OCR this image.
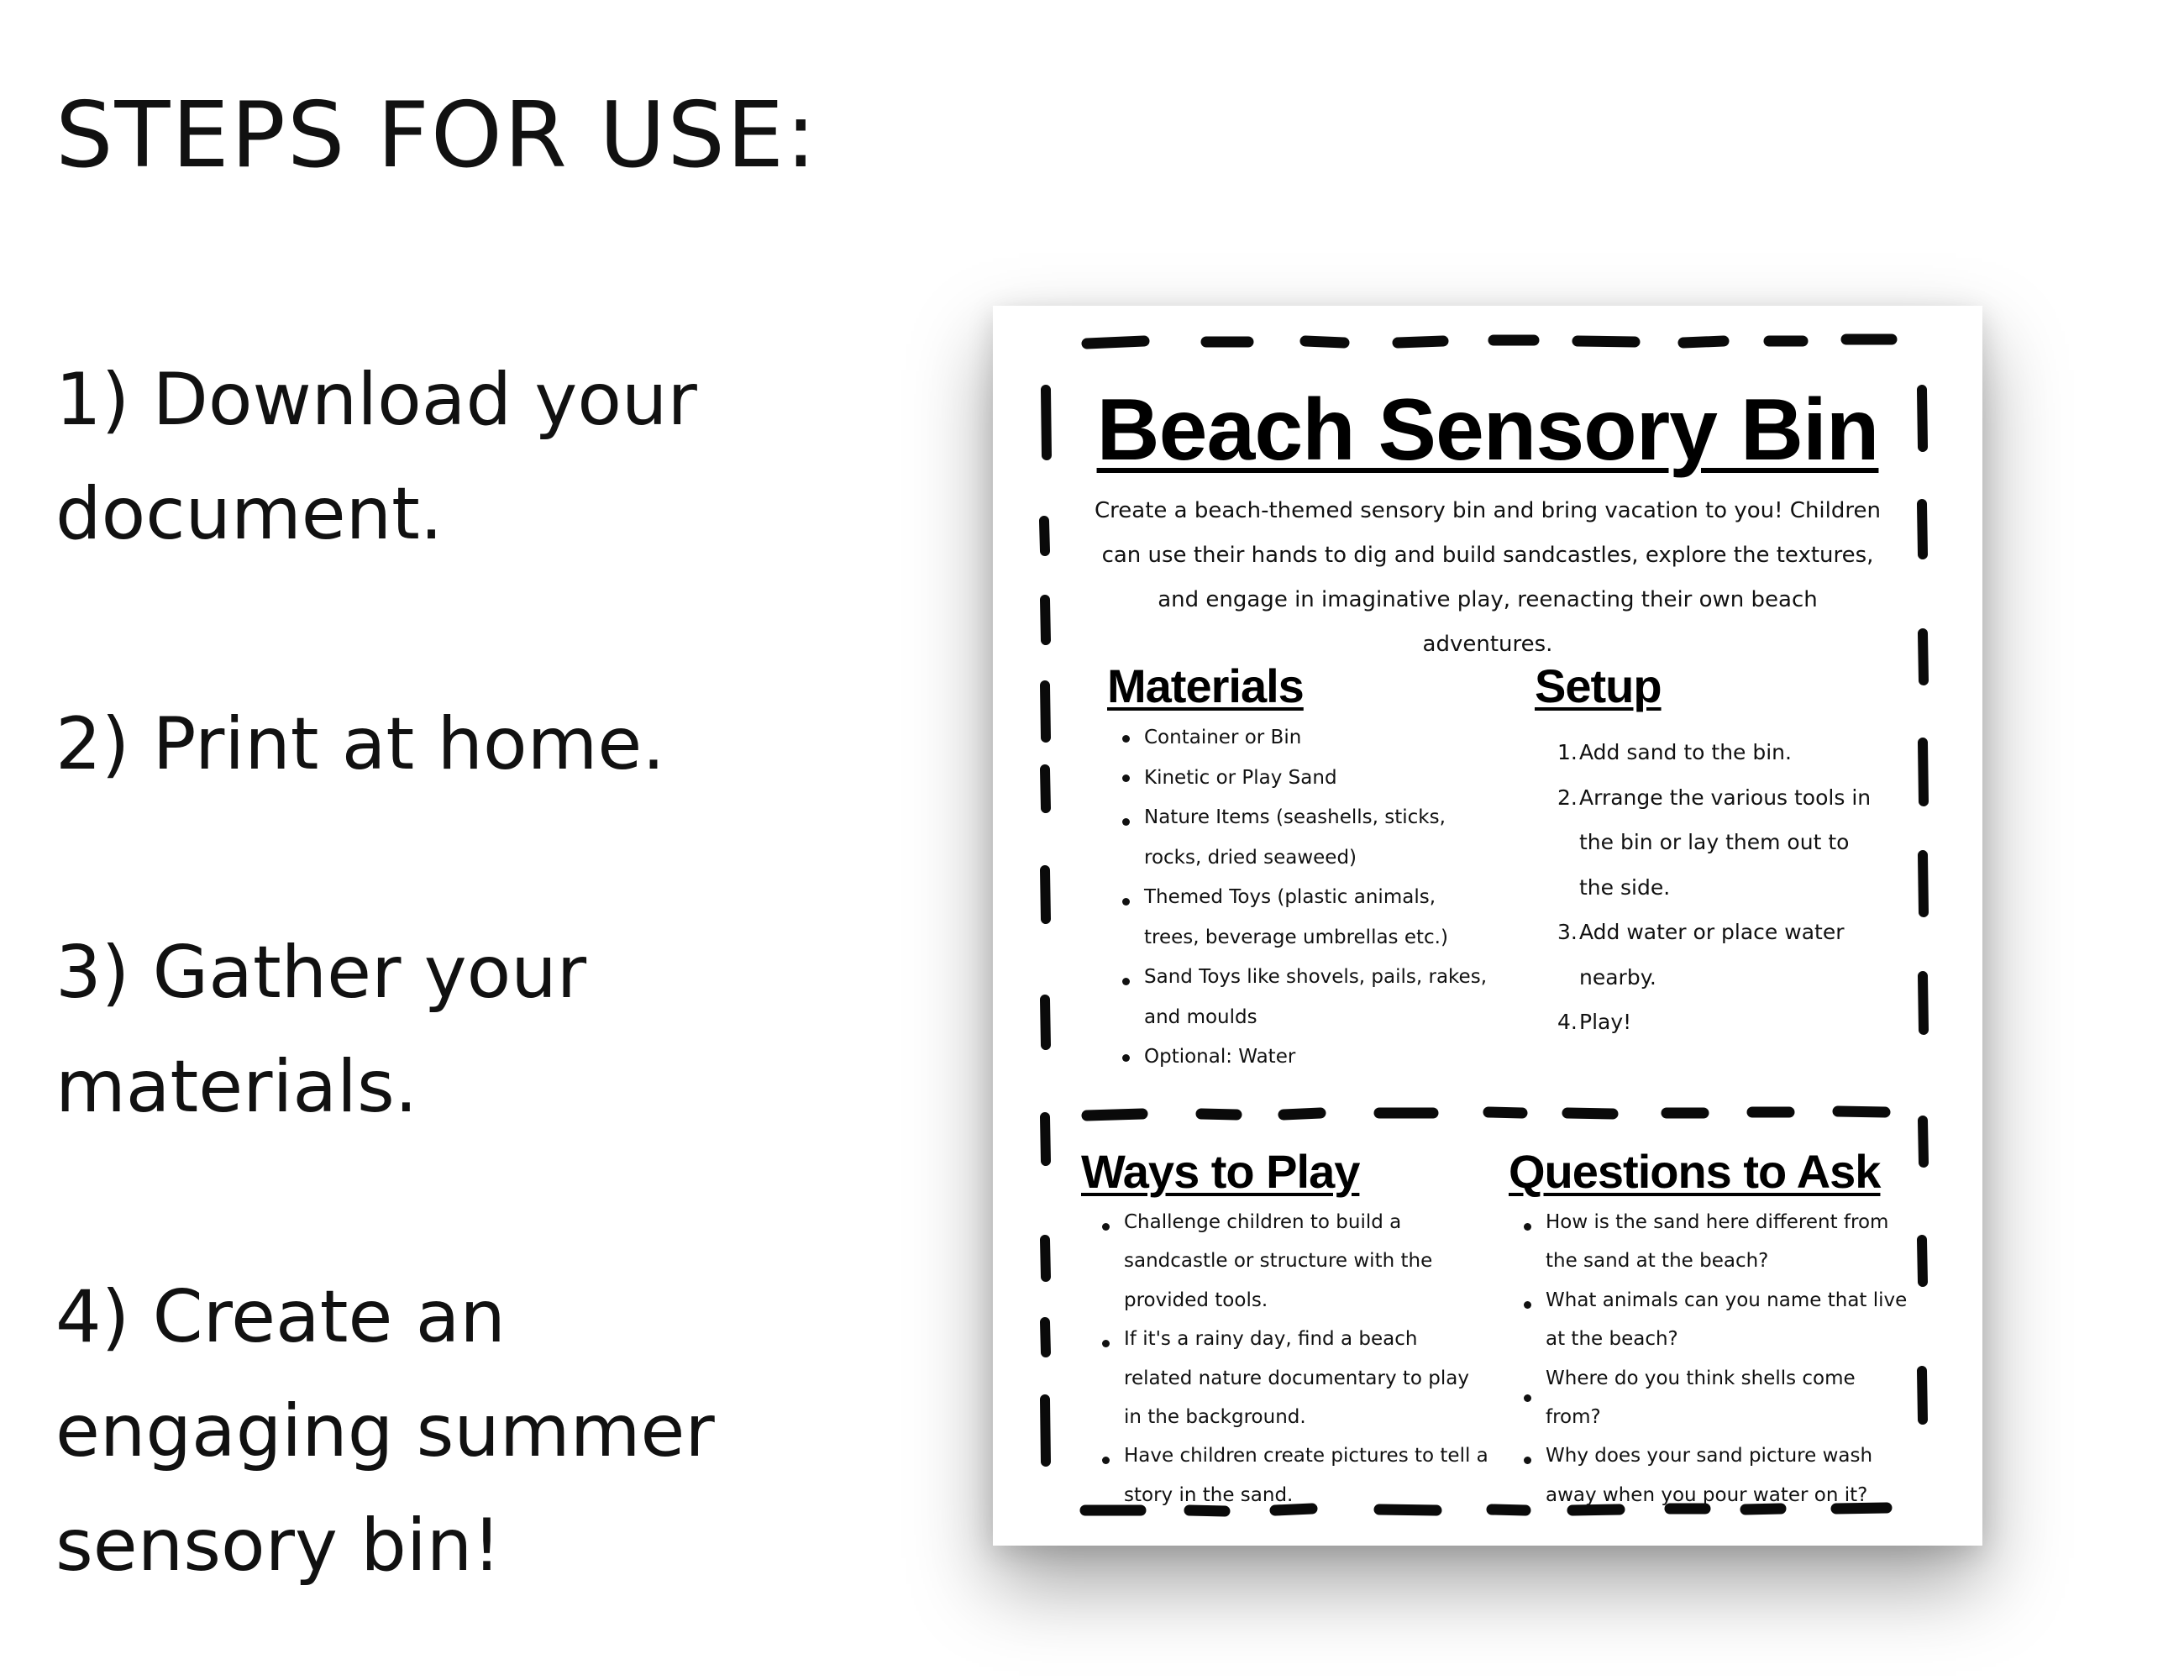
STEPS FOR USE:

1) Download your document.

2) Print at home.

3) Gather your materials.

4) Create an engaging summer sensory bin!

Beach Sensory Bin

Create a beach-themed sensory bin and bring vacation to you! Children can use their hands to dig and build sandcastles, explore the textures, and engage in imaginative play, reenacting their own beach adventures.

Materials
Container or Bin
Kinetic or Play Sand
Nature Items (seashells, sticks, rocks, dried seaweed)
Themed Toys (plastic animals, trees, beverage umbrellas etc.)
Sand Toys like shovels, pails, rakes, and moulds
Optional: Water
Setup
1. Add sand to the bin.
2. Arrange the various tools in the bin or lay them out to the side.
3. Add water or place water nearby.
4. Play!
Ways to Play
Challenge children to build a sandcastle or structure with the provided tools.
If it's a rainy day, find a beach related nature documentary to play in the background.
Have children create pictures to tell a story in the sand.
Questions to Ask
How is the sand here different from the sand at the beach?
What animals can you name that live at the beach?
Where do you think shells come from?
Why does your sand picture wash away when you pour water on it?
